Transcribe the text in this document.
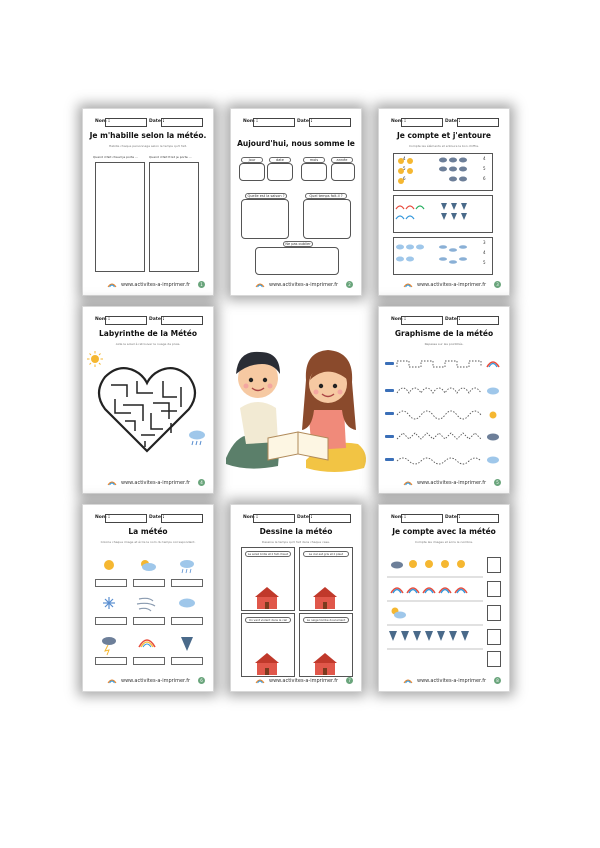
Nom :	Date :
Je m'habille selon la météo.
Habille chaque personnage selon le temps qu'il fait.
Quand il fait chaud je porte ...	Quand il fait froid je porte ...
www.activites-a-imprimer.fr	1
Nom :	Date :
Aujourd'hui, nous somme le
jour	date	mois	année
Quelle est la saison ?	Quel temps fait-il ?
Ne pas oublier
www.activites-a-imprimer.fr	2
Nom :	Date :
Je compte et j'entoure
Compte les éléments et entoure le bon chiffre.
4
5
6
4
5
6
3
4
5
www.activites-a-imprimer.fr	3
Nom :	Date :
Labyrinthe de la Météo
Aide le soleil à retrouver le nuage de pluie.
www.activites-a-imprimer.fr	4
Nom :	Date :
Graphisme de la météo
Repasse sur les pointillés.
www.activites-a-imprimer.fr	5
Nom :	Date :
La météo
Colorie chaque image et écris le nom du temps correspondant.
www.activites-a-imprimer.fr	6
Nom :	Date :
Dessine la météo
Dessine le temps qu'il fait dans chaque case.
Le soleil brille et il fait chaud	Le ciel est gris et il pleut
Un vent violent dans le ciel	Le neige tombe doucement
www.activites-a-imprimer.fr	7
Nom :	Date :
Je compte avec la météo
Compte les images et écris le nombre.
www.activites-a-imprimer.fr	8
